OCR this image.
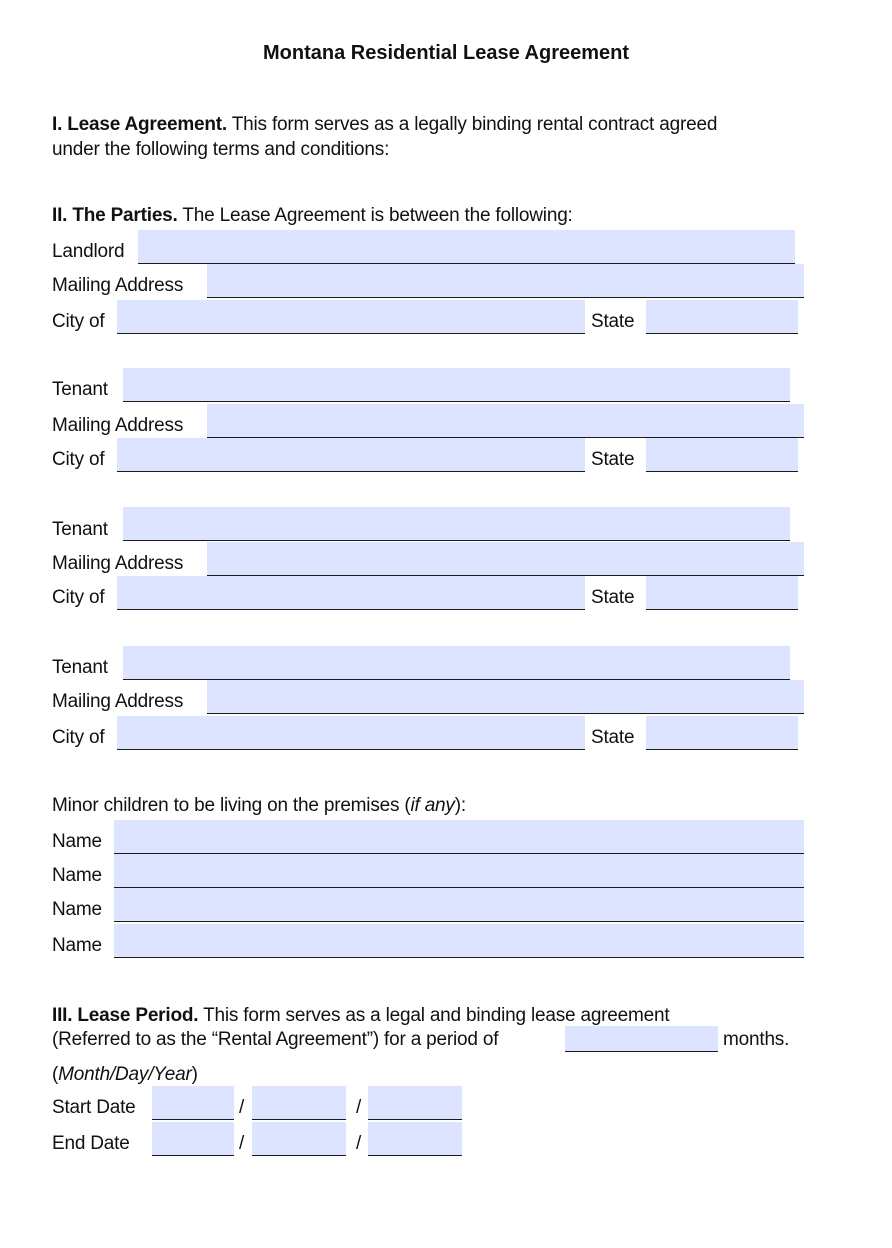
Montana Residential Lease Agreement
I. Lease Agreement. This form serves as a legally binding rental contract agreed
under the following terms and conditions:
II. The Parties. The Lease Agreement is between the following:
Landlord
Mailing Address
City of	State
Tenant
Mailing Address
City of	State
Tenant
Mailing Address
City of	State
Tenant
Mailing Address
City of	State
Minor children to be living on the premises (if any):
Name
Name
Name
Name
III. Lease Period. This form serves as a legal and binding lease agreement
(Referred to as the “Rental Agreement”) for a period of	months.
(Month/Day/Year)
Start Date	/	/
End Date	/	/
